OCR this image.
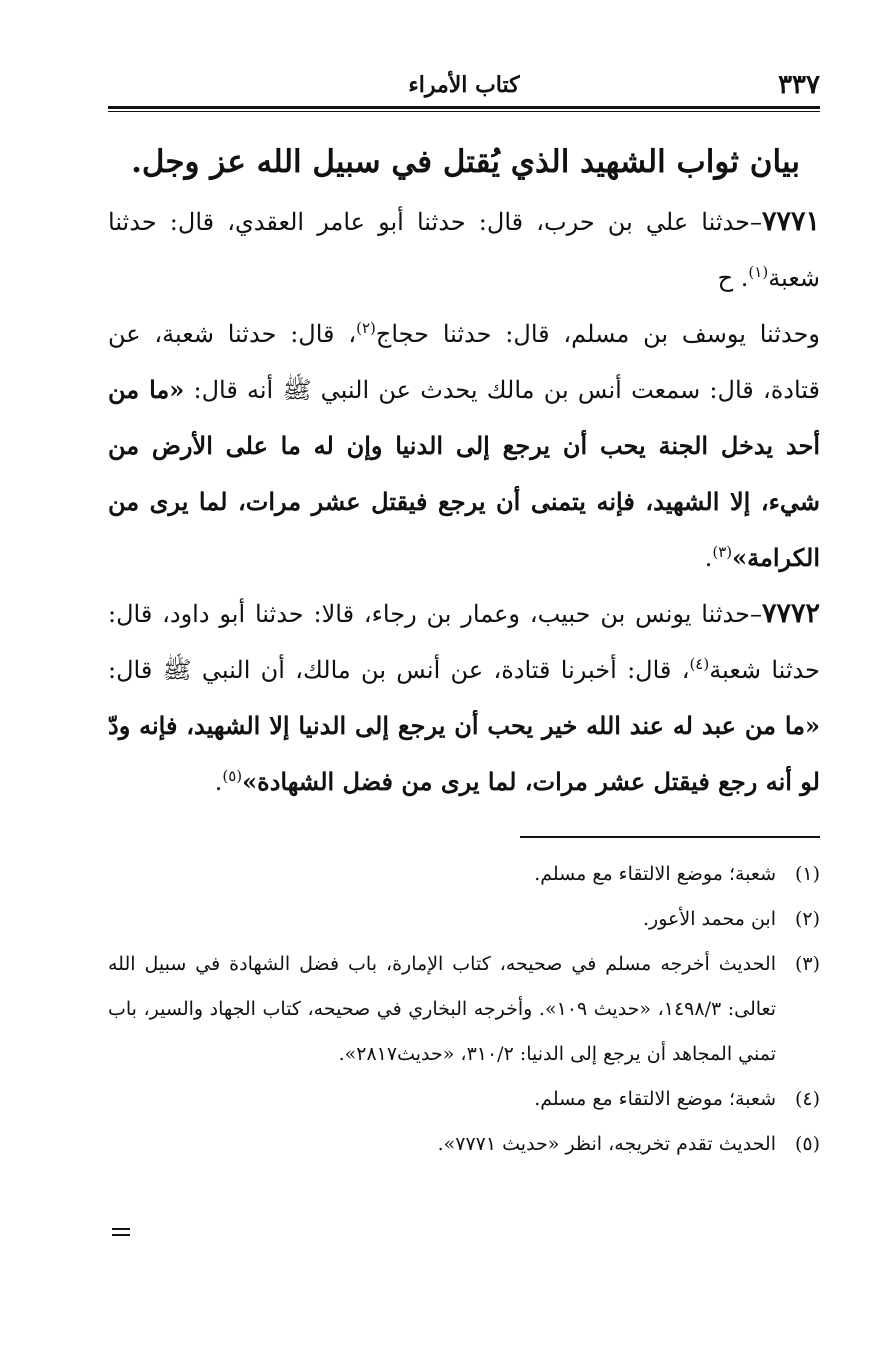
٣٣٧
كتاب الأمراء
بيان ثواب الشهيد الذي يُقتل في سبيل الله عز وجل.

٧٧٧١–حدثنا علي بن حرب، قال: حدثنا أبو عامر العقدي، قال: حدثنا شعبة$^{(١)}$. ح

وحدثنا يوسف بن مسلم، قال: حدثنا حجاج$^{(٢)}$، قال: حدثنا شعبة، عن قتادة، قال: سمعت أنس بن مالك يحدث عن النبي ﷺ أنه قال: «ما من أحد يدخل الجنة يحب أن يرجع إلى الدنيا وإن له ما على الأرض من شيء، إلا الشهيد، فإنه يتمنى أن يرجع فيقتل عشر مرات، لما يرى من الكرامة»$^{(٣)}$.

٧٧٧٢–حدثنا يونس بن حبيب، وعمار بن رجاء، قالا: حدثنا أبو داود، قال: حدثنا شعبة$^{(٤)}$، قال: أخبرنا قتادة، عن أنس بن مالك، أن النبي ﷺ قال: «ما من عبد له عند الله خير يحب أن يرجع إلى الدنيا إلا الشهيد، فإنه ودّ لو أنه رجع فيقتل عشر مرات، لما يرى من فضل الشهادة»$^{(٥)}$.

(١)
شعبة؛ موضع الالتقاء مع مسلم.
(٢)
ابن محمد الأعور.
(٣)
الحديث أخرجه مسلم في صحيحه، كتاب الإمارة، باب فضل الشهادة في سبيل الله تعالى: ١٤٩٨/٣، «حديث ١٠٩». وأخرجه البخاري في صحيحه، كتاب الجهاد والسير، باب تمني المجاهد أن يرجع إلى الدنيا: ٣١٠/٢، «حديث٢٨١٧».
(٤)
شعبة؛ موضع الالتقاء مع مسلم.
(٥)
الحديث تقدم تخريجه، انظر «حديث ٧٧٧١».
